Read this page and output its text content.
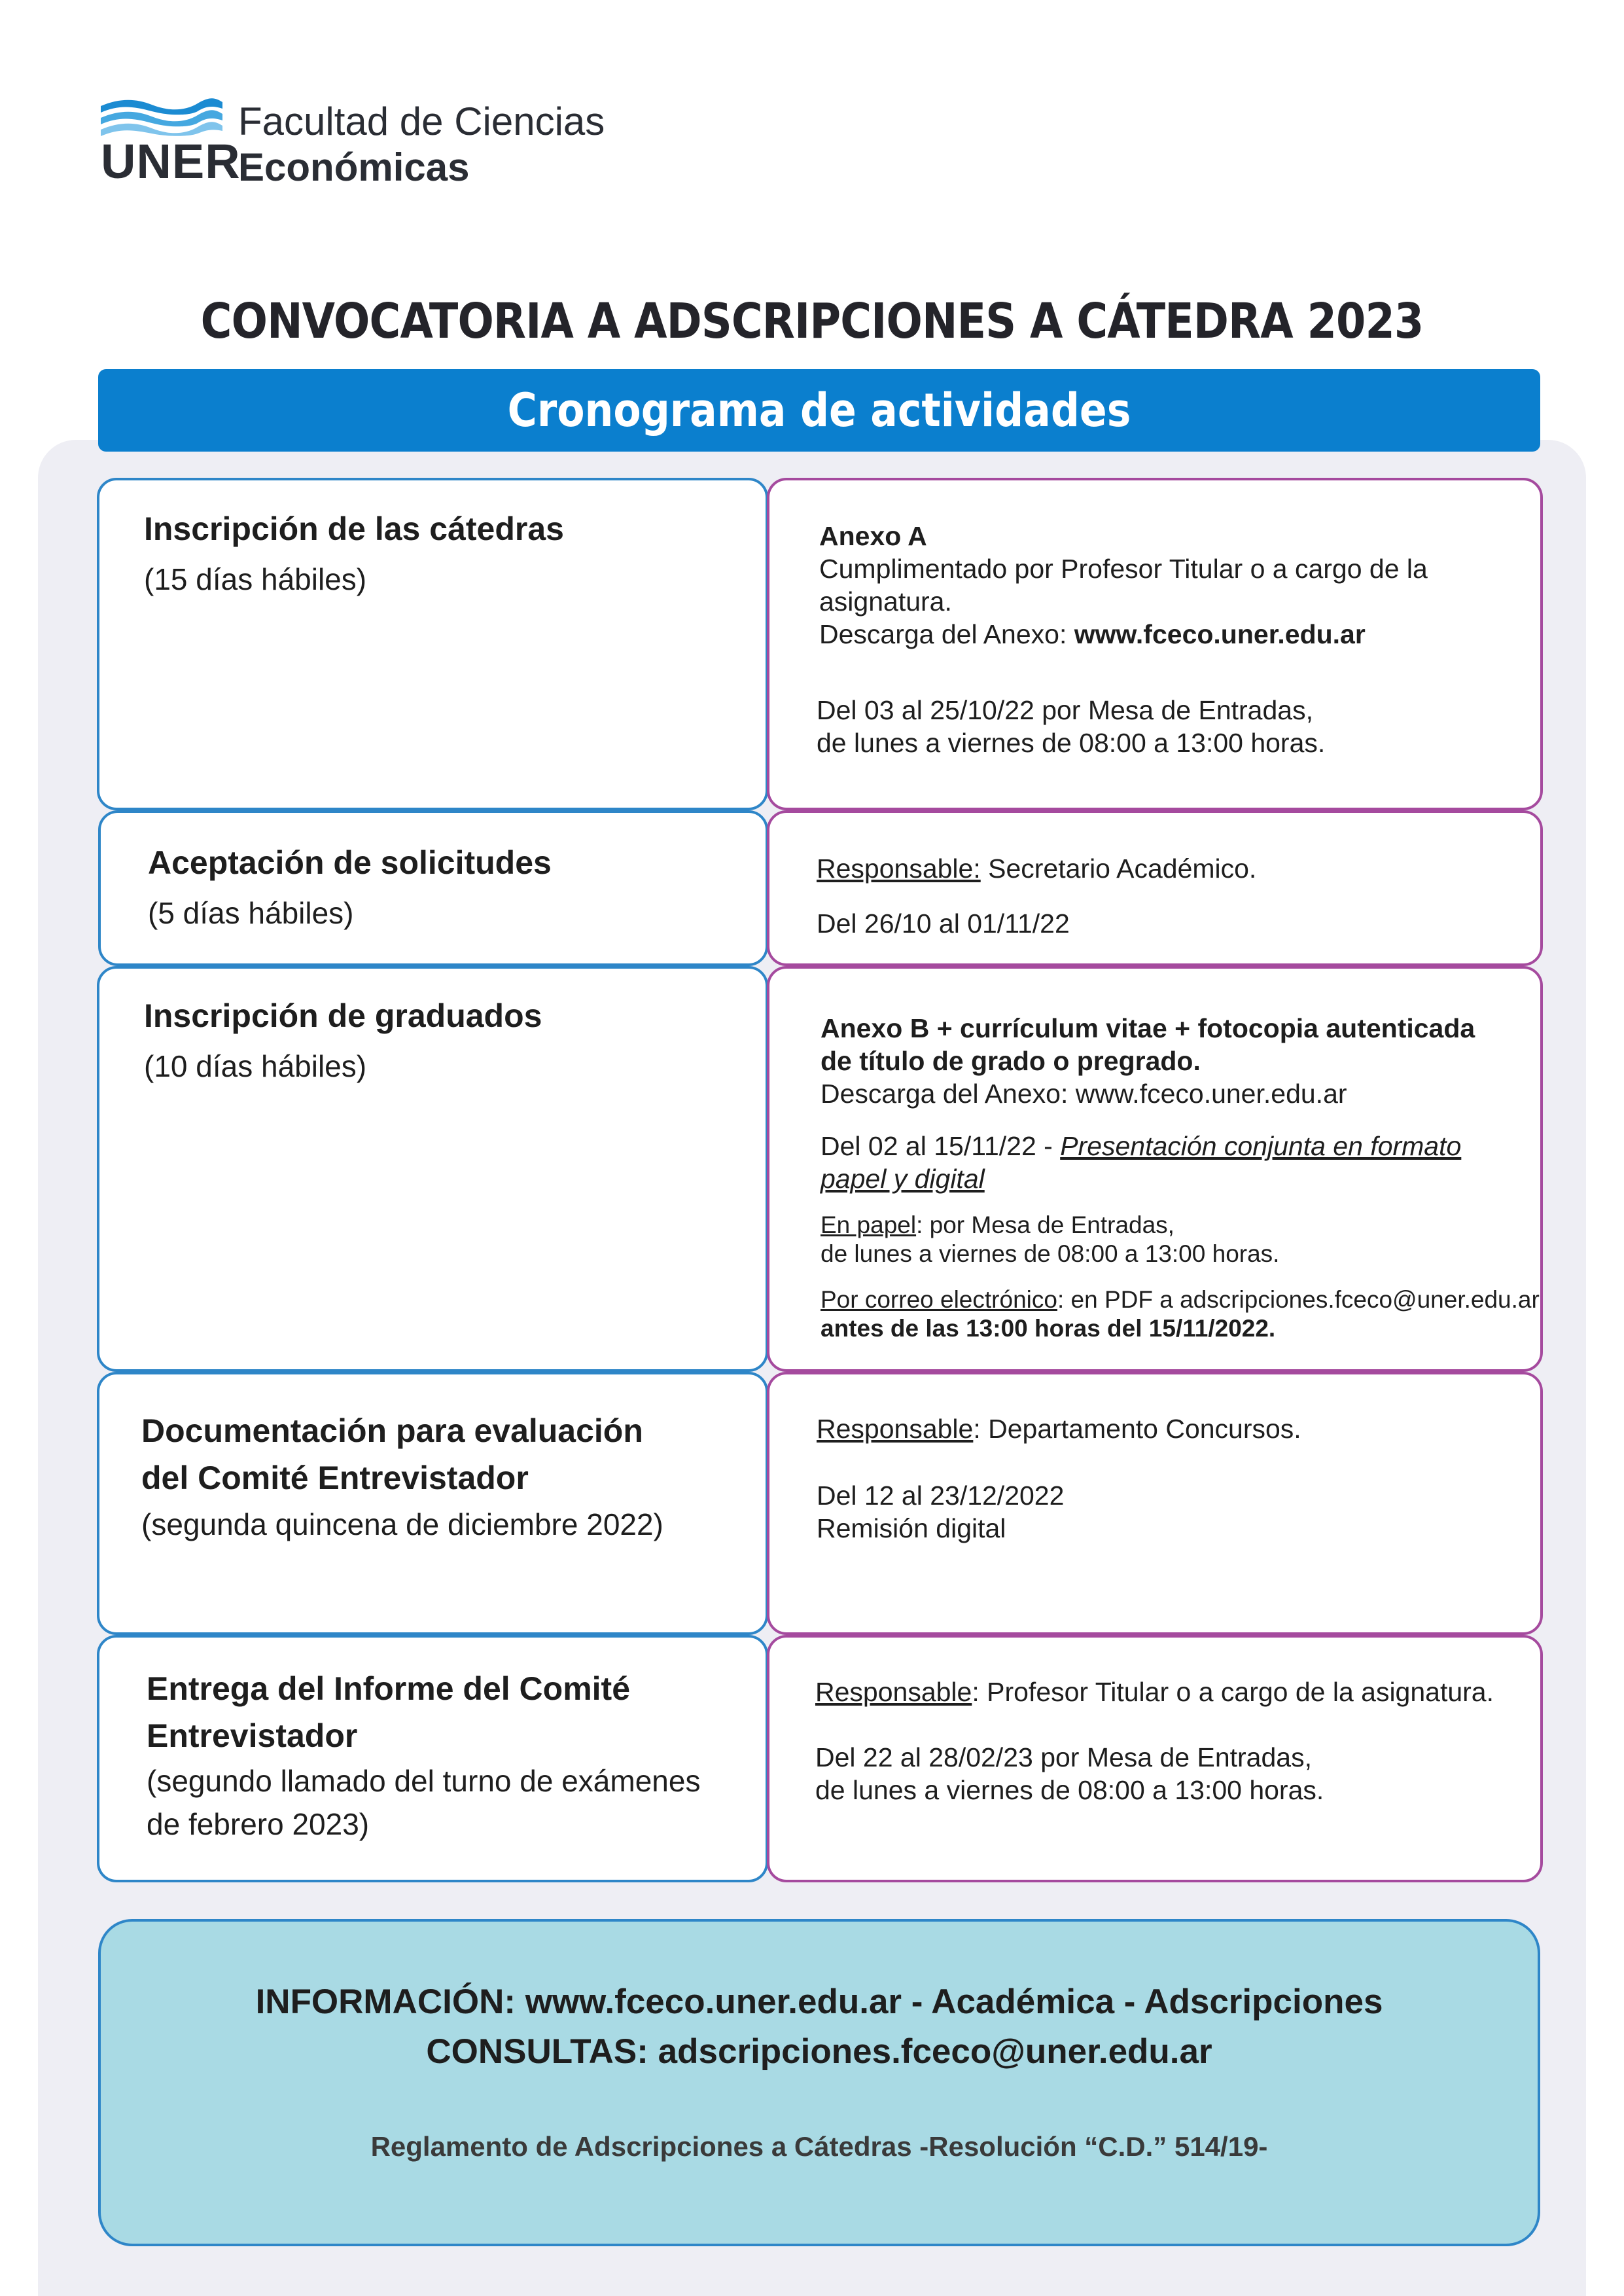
UNER
Facultad de Ciencias
Económicas
CONVOCATORIA A ADSCRIPCIONES A CÁTEDRA 2023
Cronograma de actividades
Inscripción de las cátedras
(15 días hábiles)
Anexo A
Cumplimentado por Profesor Titular o a cargo de la
asignatura.
Descarga del Anexo: www.fceco.uner.edu.ar
Del 03 al 25/10/22 por Mesa de Entradas,
de lunes a viernes de 08:00 a 13:00 horas.
Aceptación de solicitudes
(5 días hábiles)
Responsable: Secretario Académico.
Del 26/10 al 01/11/22
Inscripción de graduados
(10 días hábiles)
Anexo B + currículum vitae + fotocopia autenticada
de título de grado o pregrado.
Descarga del Anexo: www.fceco.uner.edu.ar
Del 02 al 15/11/22 - Presentación conjunta en formato
papel y digital
En papel: por Mesa de Entradas,
de lunes a viernes de 08:00 a 13:00 horas.
Por correo electrónico: en PDF a adscripciones.fceco@uner.edu.ar
antes de las 13:00 horas del 15/11/2022.
Documentación para evaluación
del Comité Entrevistador
(segunda quincena de diciembre 2022)
Responsable: Departamento Concursos.
Del 12 al 23/12/2022
Remisión digital
Entrega del Informe del Comité
Entrevistador
(segundo llamado del turno de exámenes
de febrero 2023)
Responsable: Profesor Titular o a cargo de la asignatura.
Del 22 al 28/02/23 por Mesa de Entradas,
de lunes a viernes de 08:00 a 13:00 horas.
INFORMACIÓN: www.fceco.uner.edu.ar - Académica - Adscripciones
CONSULTAS: adscripciones.fceco@uner.edu.ar
Reglamento de Adscripciones a Cátedras -Resolución “C.D.” 514/19-
